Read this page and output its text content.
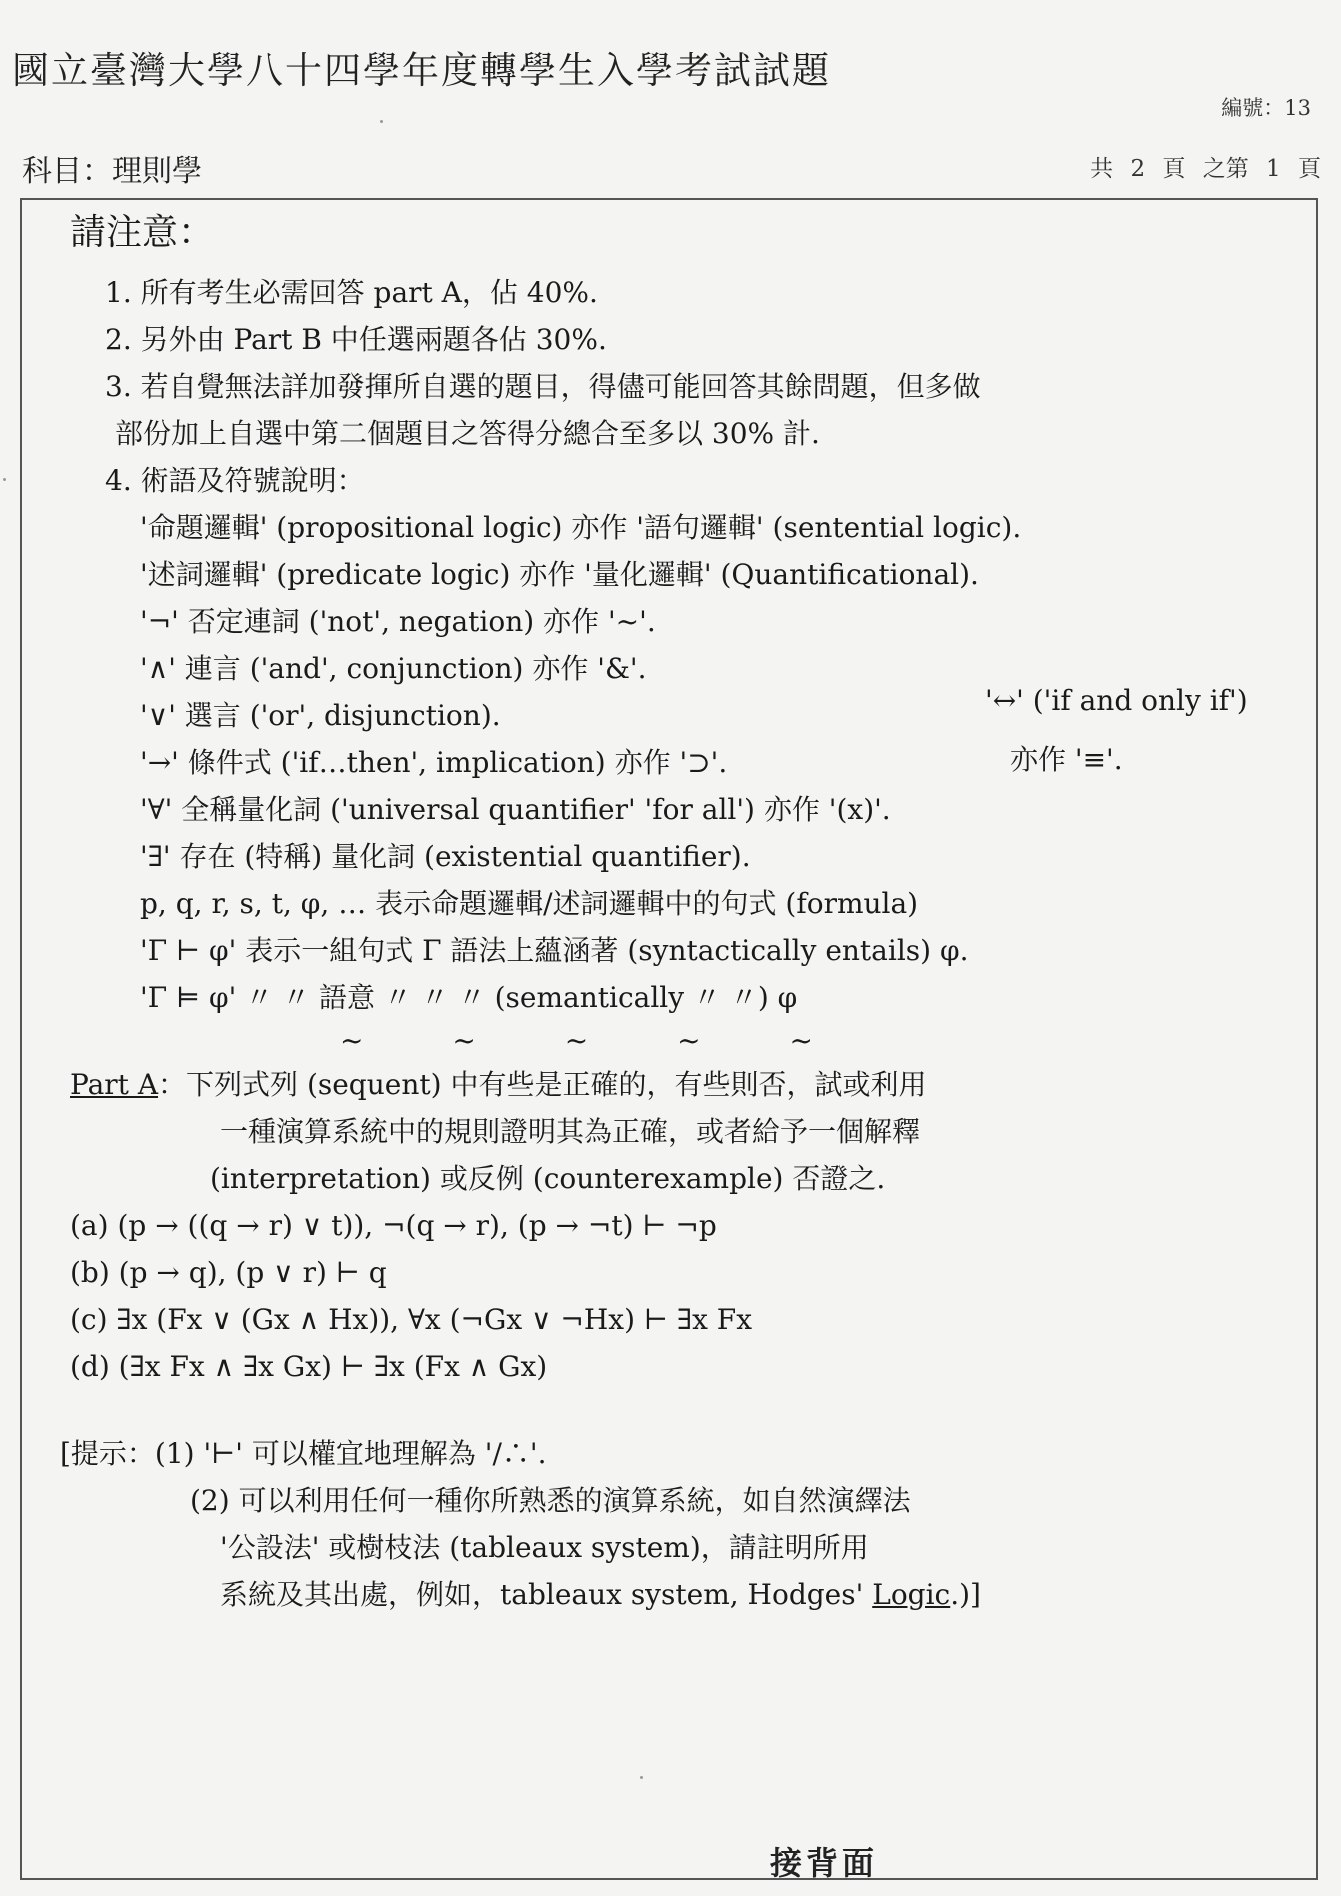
國立臺灣大學八十四學年度轉學生入學考試試題
編號：13
科目：理則學	共 2 頁 之第 1 頁
請注意：
1. 所有考生必需回答 part A，佔 40%.
2. 另外由 Part B 中任選兩題各佔 30%.
3. 若自覺無法詳加發揮所自選的題目，得儘可能回答其餘問題，但多做
部份加上自選中第二個題目之答得分總合至多以 30% 計.
4. 術語及符號說明：
'命題邏輯' (propositional logic) 亦作 '語句邏輯' (sentential logic).
'述詞邏輯' (predicate logic) 亦作 '量化邏輯' (Quantificational).
'¬' 否定連詞 ('not', negation) 亦作 '~'.
'∧' 連言 ('and', conjunction) 亦作 '&'.
'∨' 選言 ('or', disjunction).
'→' 條件式 ('if…then', implication) 亦作 '⊃'.
'∀' 全稱量化詞 ('universal quantifier' 'for all') 亦作 '(x)'.
'∃' 存在 (特稱) 量化詞 (existential quantifier).
p, q, r, s, t, φ, … 表示命題邏輯/述詞邏輯中的句式 (formula)
'Γ ⊢ φ' 表示一組句式 Γ 語法上蘊涵著 (syntactically entails) φ.
'Γ ⊨ φ' 〃 〃 語意 〃 〃 〃 (semantically 〃 〃) φ
~ ~ ~ ~ ~
Part A：下列式列 (sequent) 中有些是正確的，有些則否，試或利用
一種演算系統中的規則證明其為正確，或者給予一個解釋
(interpretation) 或反例 (counterexample) 否證之.
(a) (p → ((q → r) ∨ t)), ¬(q → r), (p → ¬t) ⊢ ¬p
(b) (p → q), (p ∨ r) ⊢ q
(c) ∃x (Fx ∨ (Gx ∧ Hx)), ∀x (¬Gx ∨ ¬Hx) ⊢ ∃x Fx
(d) (∃x Fx ∧ ∃x Gx) ⊢ ∃x (Fx ∧ Gx)
[提示：(1) '⊢' 可以權宜地理解為 '/∴'.
(2) 可以利用任何一種你所熟悉的演算系統，如自然演繹法
'公設法' 或樹枝法 (tableaux system)，請註明所用
系統及其出處，例如，tableaux system, Hodges' Logic.)]
'↔' ('if and only if')
亦作 '≡'.
接背面
